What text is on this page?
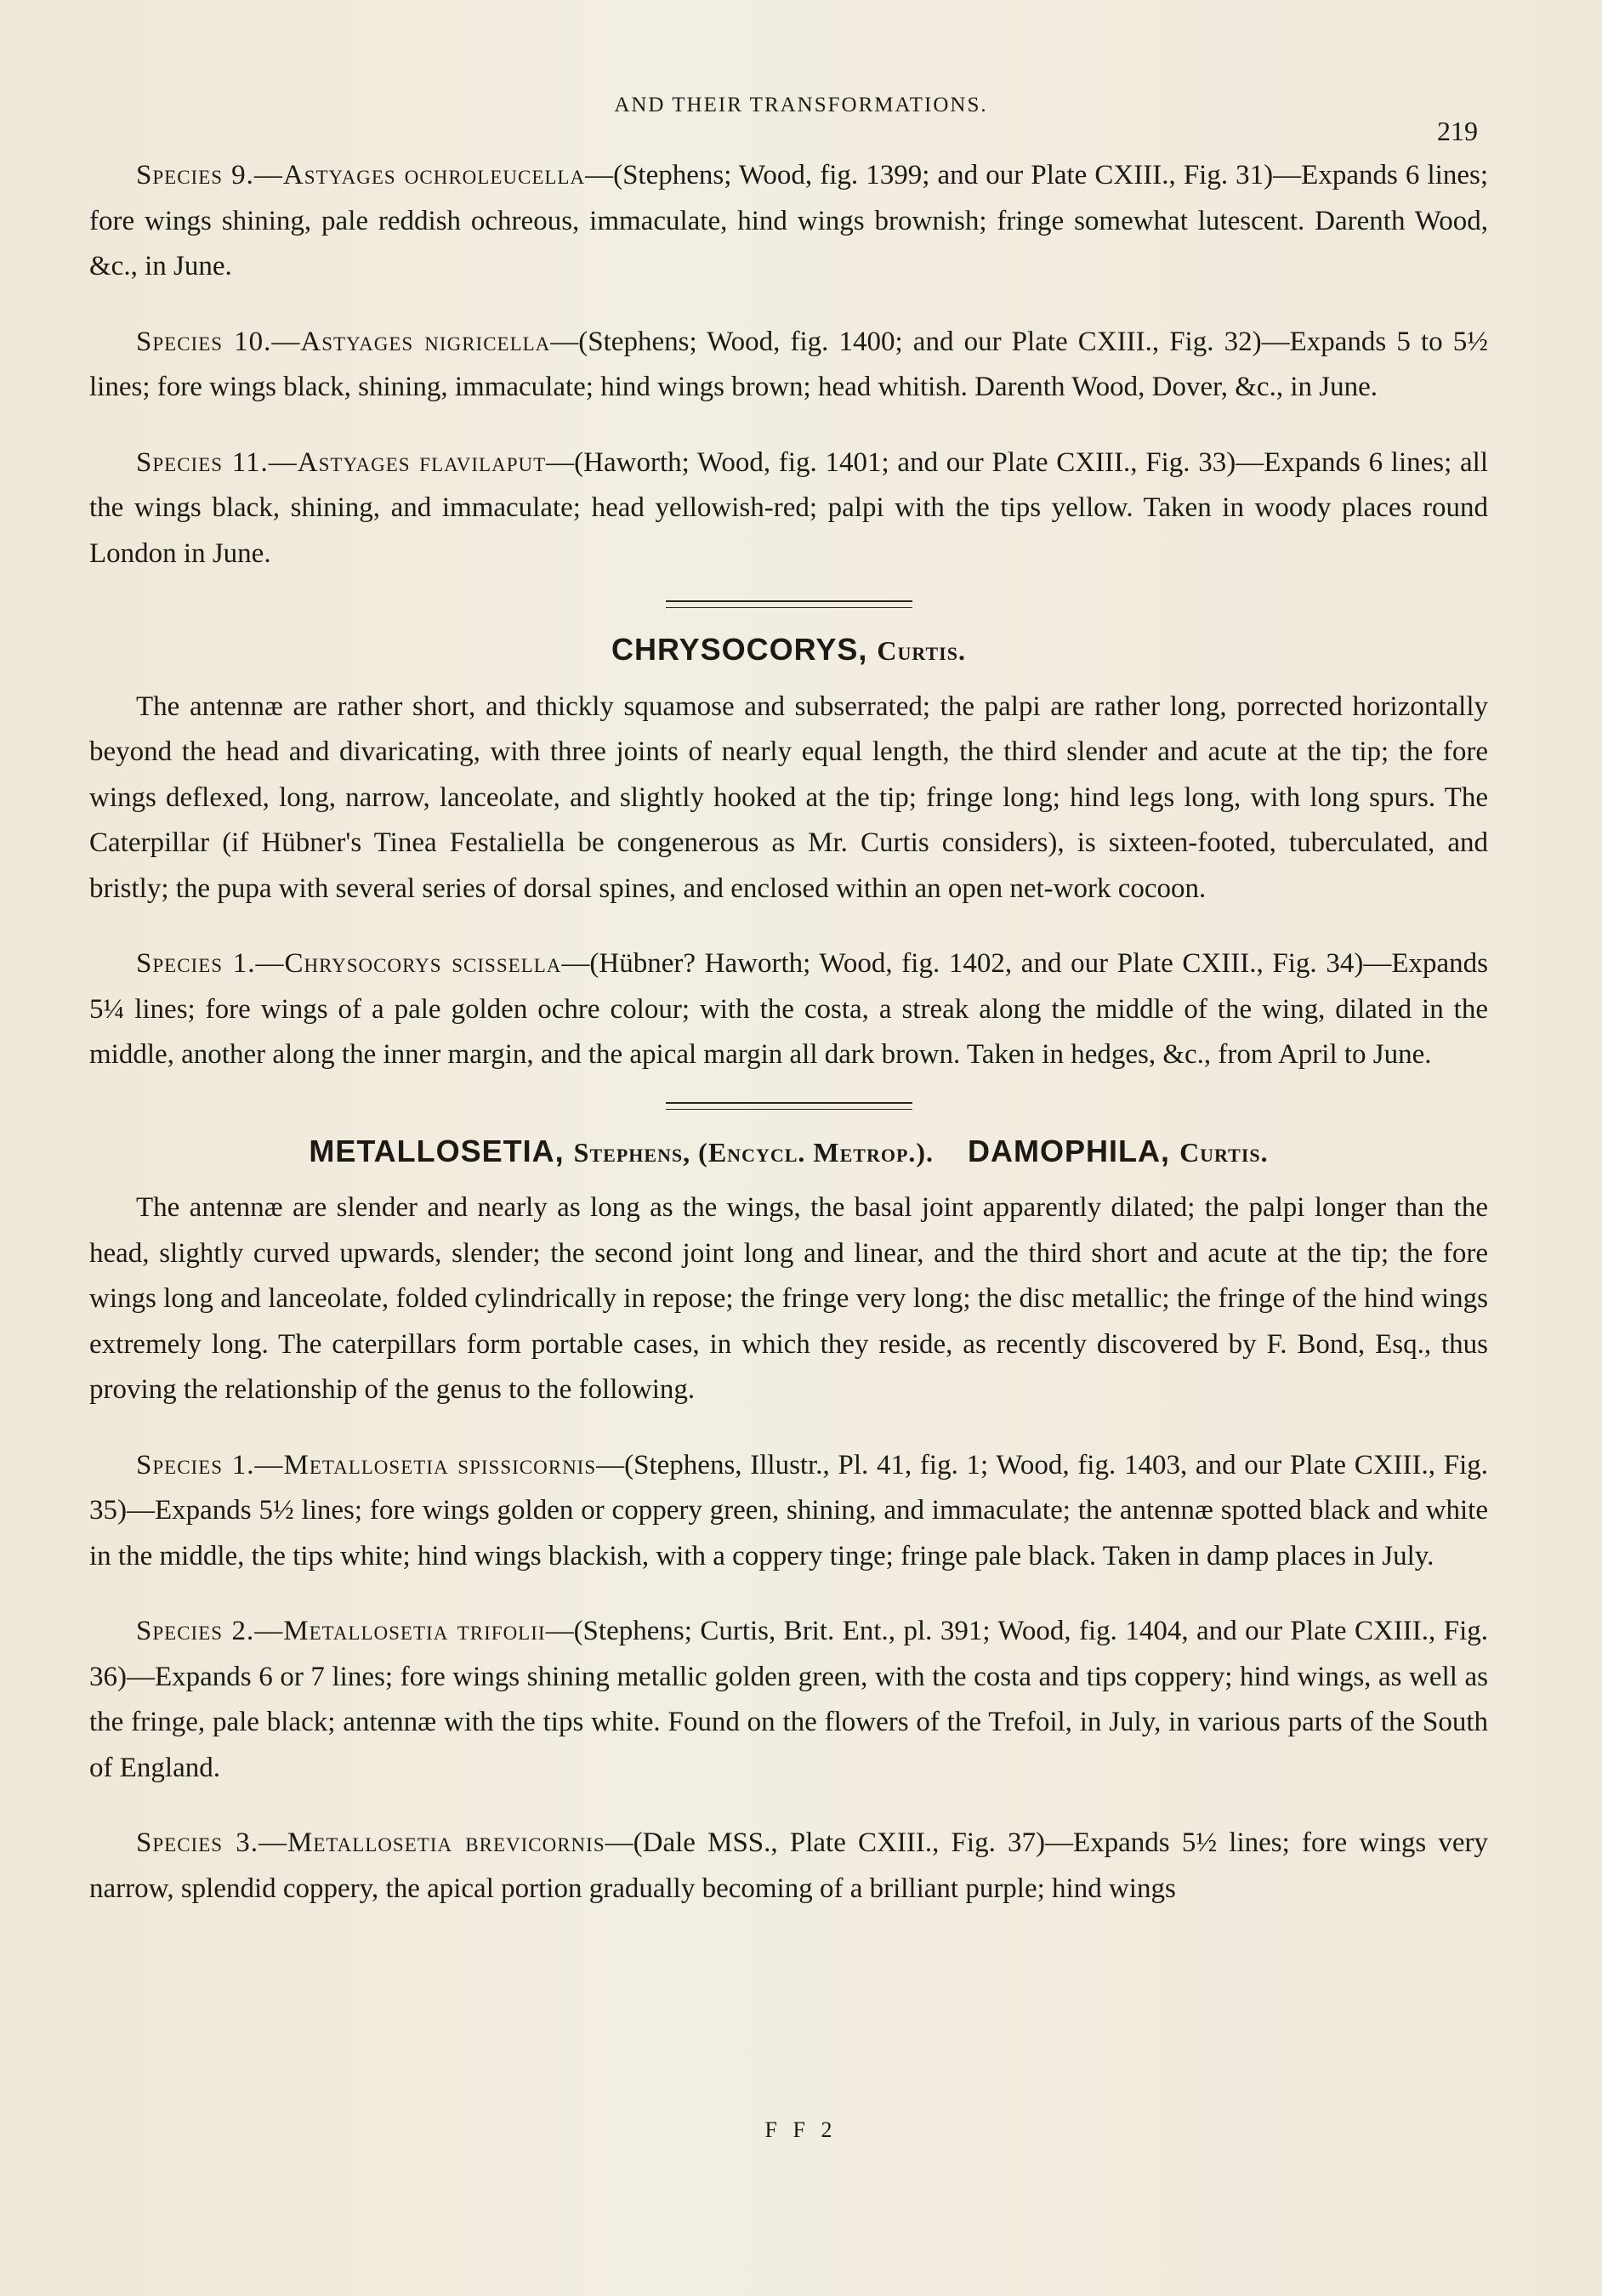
AND THEIR TRANSFORMATIONS.
219

Species 9.—Astyages ochroleucella—(Stephens; Wood, fig. 1399; and our Plate CXIII., Fig. 31)—Expands 6 lines; fore wings shining, pale reddish ochreous, immaculate, hind wings brownish; fringe somewhat lutescent. Darenth Wood, &c., in June.

Species 10.—Astyages nigricella—(Stephens; Wood, fig. 1400; and our Plate CXIII., Fig. 32)—Expands 5 to 5½ lines; fore wings black, shining, immaculate; hind wings brown; head whitish. Darenth Wood, Dover, &c., in June.

Species 11.—Astyages flavilaput—(Haworth; Wood, fig. 1401; and our Plate CXIII., Fig. 33)—Expands 6 lines; all the wings black, shining, and immaculate; head yellowish-red; palpi with the tips yellow. Taken in woody places round London in June.

CHRYSOCORYS, Curtis.

The antennæ are rather short, and thickly squamose and subserrated; the palpi are rather long, porrected horizontally beyond the head and divaricating, with three joints of nearly equal length, the third slender and acute at the tip; the fore wings deflexed, long, narrow, lanceolate, and slightly hooked at the tip; fringe long; hind legs long, with long spurs. The Caterpillar (if Hübner's Tinea Festaliella be congenerous as Mr. Curtis considers), is sixteen-footed, tuberculated, and bristly; the pupa with several series of dorsal spines, and enclosed within an open net-work cocoon.

Species 1.—Chrysocorys scissella—(Hübner? Haworth; Wood, fig. 1402, and our Plate CXIII., Fig. 34)—Expands 5¼ lines; fore wings of a pale golden ochre colour; with the costa, a streak along the middle of the wing, dilated in the middle, another along the inner margin, and the apical margin all dark brown. Taken in hedges, &c., from April to June.

METALLOSETIA, Stephens, (Encycl. Metrop.). DAMOPHILA, Curtis.

The antennæ are slender and nearly as long as the wings, the basal joint apparently dilated; the palpi longer than the head, slightly curved upwards, slender; the second joint long and linear, and the third short and acute at the tip; the fore wings long and lanceolate, folded cylindrically in repose; the fringe very long; the disc metallic; the fringe of the hind wings extremely long. The caterpillars form portable cases, in which they reside, as recently discovered by F. Bond, Esq., thus proving the relationship of the genus to the following.

Species 1.—Metallosetia spissicornis—(Stephens, Illustr., Pl. 41, fig. 1; Wood, fig. 1403, and our Plate CXIII., Fig. 35)—Expands 5½ lines; fore wings golden or coppery green, shining, and immaculate; the antennæ spotted black and white in the middle, the tips white; hind wings blackish, with a coppery tinge; fringe pale black. Taken in damp places in July.

Species 2.—Metallosetia trifolii—(Stephens; Curtis, Brit. Ent., pl. 391; Wood, fig. 1404, and our Plate CXIII., Fig. 36)—Expands 6 or 7 lines; fore wings shining metallic golden green, with the costa and tips coppery; hind wings, as well as the fringe, pale black; antennæ with the tips white. Found on the flowers of the Trefoil, in July, in various parts of the South of England.

Species 3.—Metallosetia brevicornis—(Dale MSS., Plate CXIII., Fig. 37)—Expands 5½ lines; fore wings very narrow, splendid coppery, the apical portion gradually becoming of a brilliant purple; hind wings

F F 2
